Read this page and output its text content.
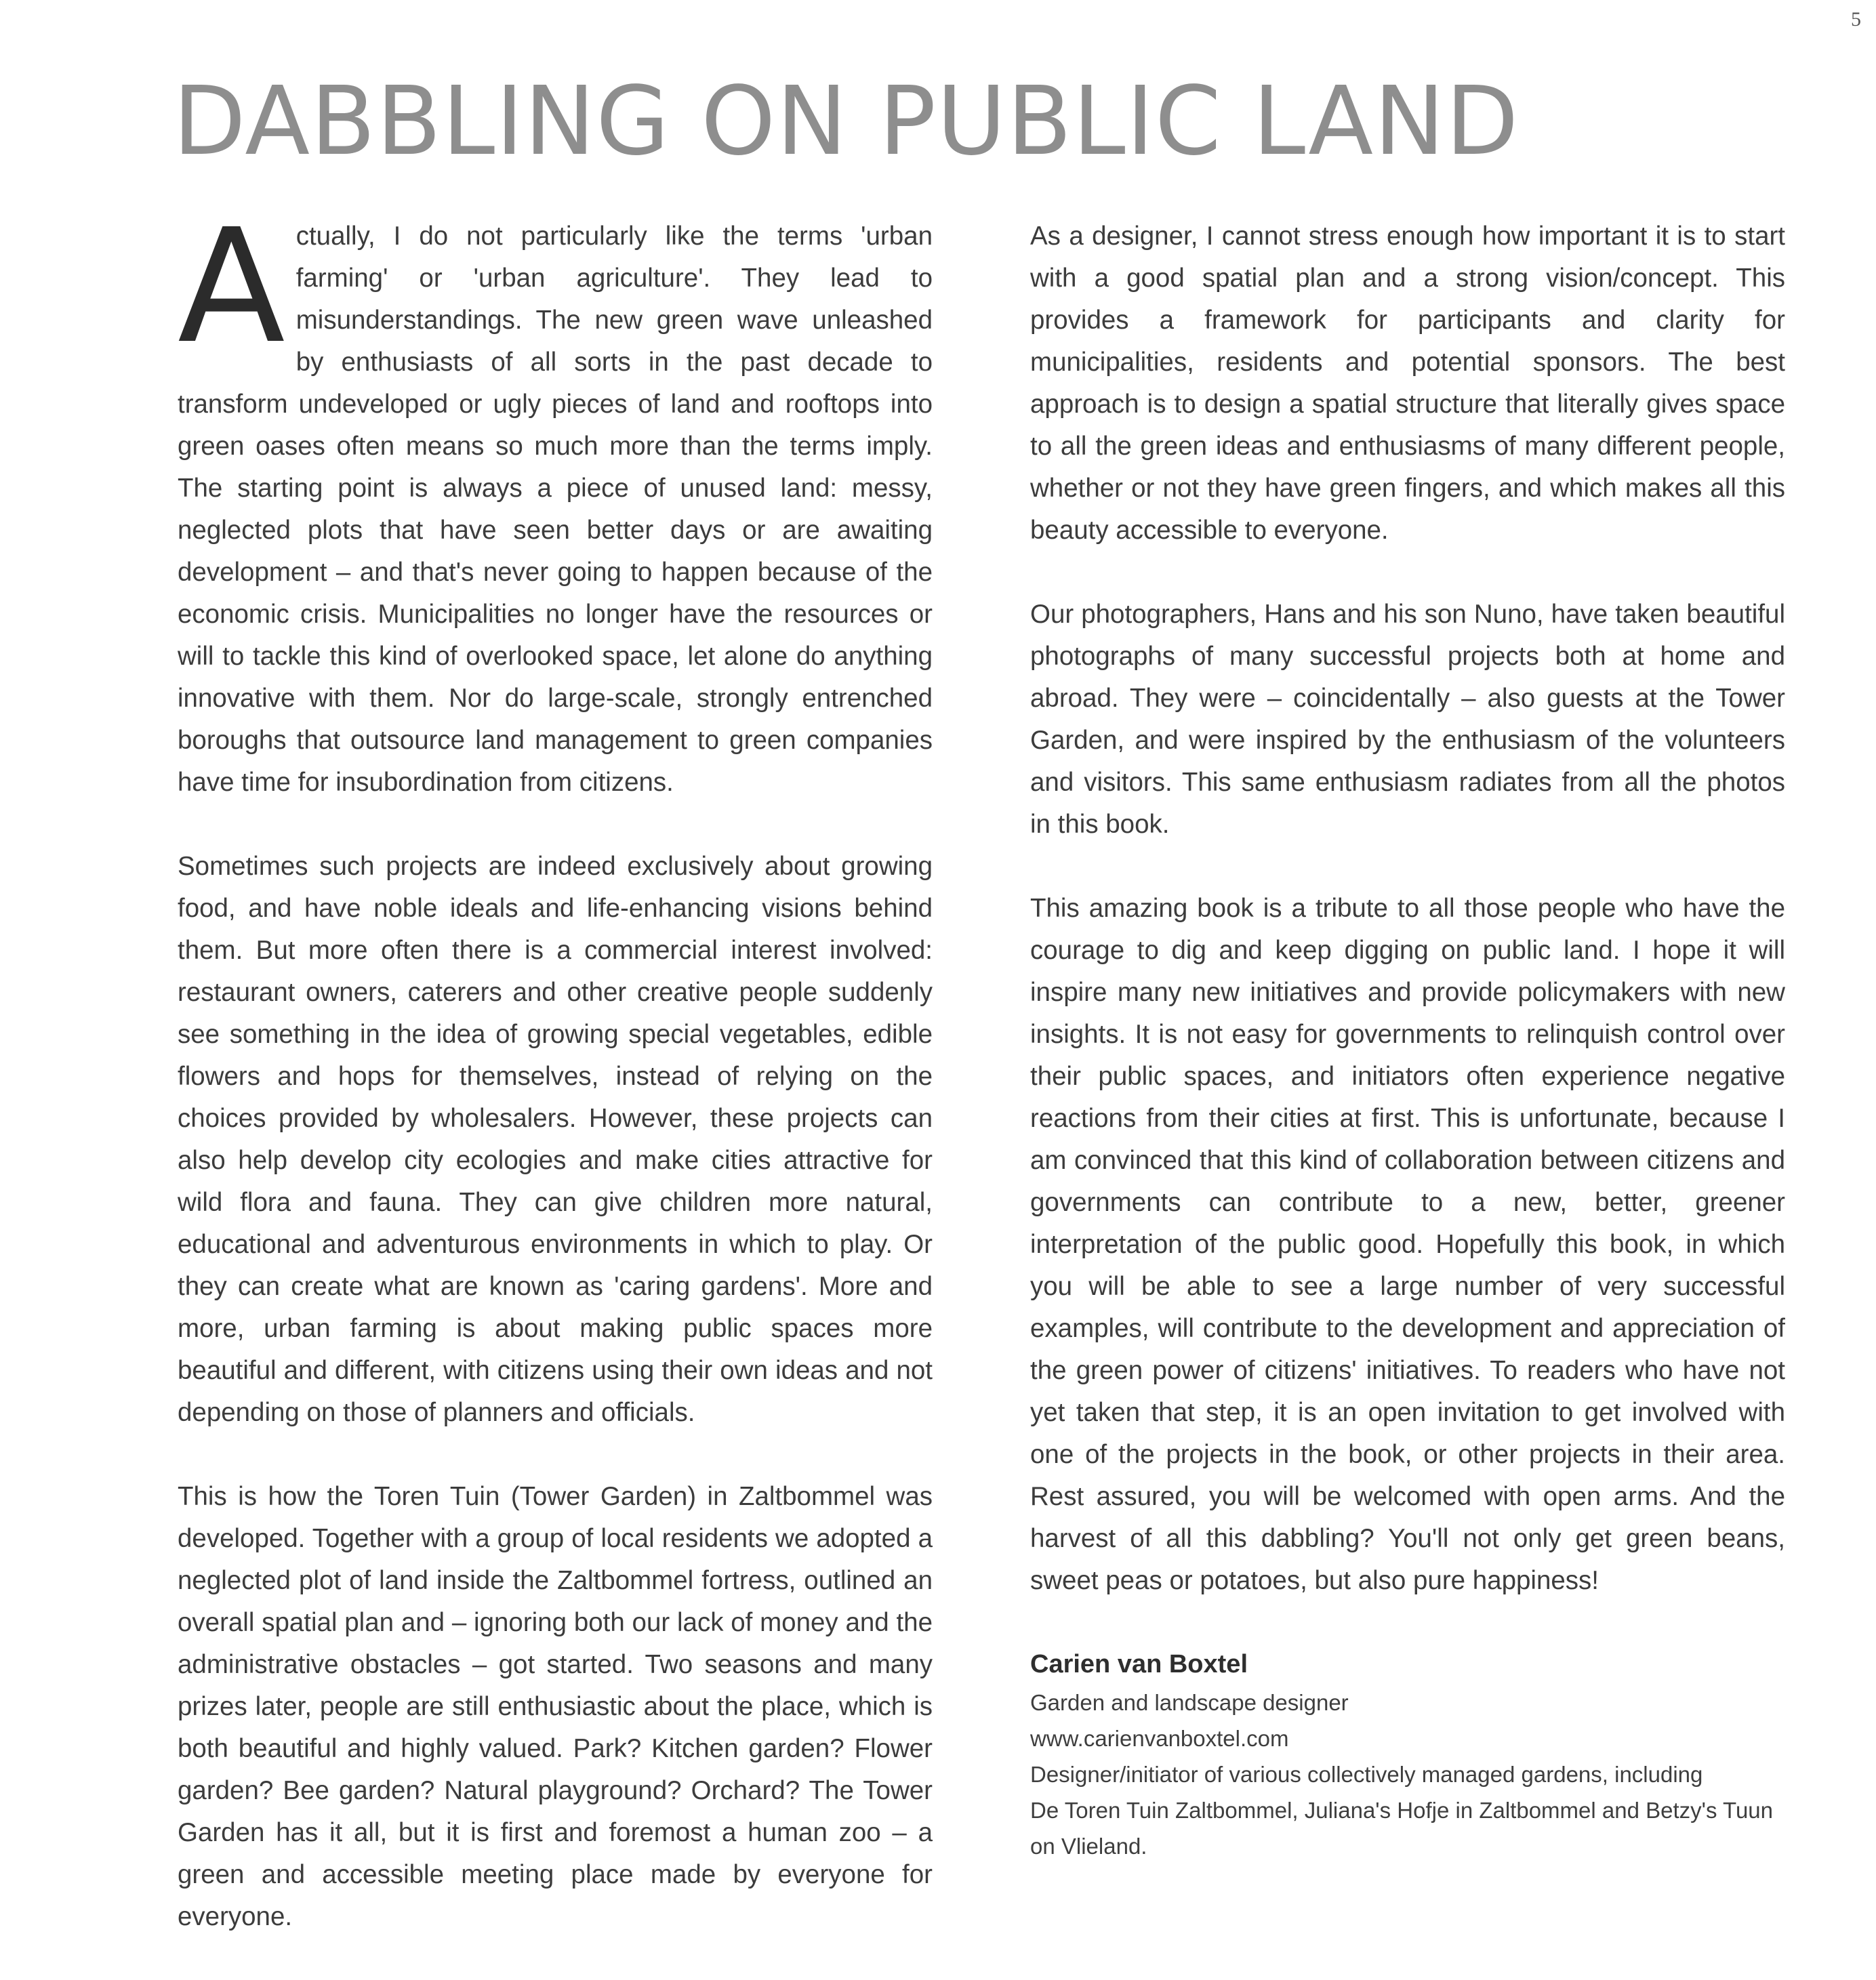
5
DABBLING ON PUBLIC LAND

Actually, I do not particularly like the terms 'urban farming' or 'urban agriculture'. They lead to misunderstandings. The new green wave unleashed by enthusiasts of all sorts in the past decade to transform undeveloped or ugly pieces of land and rooftops into green oases often means so much more than the terms imply. The starting point is always a piece of unused land: messy, neglected plots that have seen better days or are awaiting development – and that's never going to happen because of the economic crisis. Municipalities no longer have the resources or will to tackle this kind of overlooked space, let alone do anything innovative with them. Nor do large-scale, strongly entrenched boroughs that outsource land management to green companies have time for insubordination from citizens.

Sometimes such projects are indeed exclusively about growing food, and have noble ideals and life-enhancing visions behind them. But more often there is a commercial interest involved: restaurant owners, caterers and other creative people suddenly see something in the idea of growing special vegetables, edible flowers and hops for themselves, instead of relying on the choices provided by wholesalers. However, these projects can also help develop city ecologies and make cities attractive for wild flora and fauna. They can give children more natural, educational and adventurous environments in which to play. Or they can create what are known as 'caring gardens'. More and more, urban farming is about making public spaces more beautiful and different, with citizens using their own ideas and not depending on those of planners and officials.

This is how the Toren Tuin (Tower Garden) in Zaltbommel was developed. Together with a group of local residents we adopted a neglected plot of land inside the Zaltbommel fortress, outlined an overall spatial plan and – ignoring both our lack of money and the administrative obstacles – got started. Two seasons and many prizes later, people are still enthusiastic about the place, which is both beautiful and highly valued. Park? Kitchen garden? Flower garden? Bee garden? Natural playground? Orchard? The Tower Garden has it all, but it is first and foremost a human zoo – a green and accessible meeting place made by everyone for everyone.

As a designer, I cannot stress enough how important it is to start with a good spatial plan and a strong vision/concept. This provides a framework for participants and clarity for municipalities, residents and potential sponsors. The best approach is to design a spatial structure that literally gives space to all the green ideas and enthusiasms of many different people, whether or not they have green fingers, and which makes all this beauty accessible to everyone.

Our photographers, Hans and his son Nuno, have taken beautiful photographs of many successful projects both at home and abroad. They were – coincidentally – also guests at the Tower Garden, and were inspired by the enthusiasm of the volunteers and visitors. This same enthusiasm radiates from all the photos in this book.

This amazing book is a tribute to all those people who have the courage to dig and keep digging on public land. I hope it will inspire many new initiatives and provide policymakers with new insights. It is not easy for governments to relinquish control over their public spaces, and initiators often experience negative reactions from their cities at first. This is unfortunate, because I am convinced that this kind of collaboration between citizens and governments can contribute to a new, better, greener interpretation of the public good. Hopefully this book, in which you will be able to see a large number of very successful examples, will contribute to the development and appreciation of the green power of citizens' initiatives. To readers who have not yet taken that step, it is an open invitation to get involved with one of the projects in the book, or other projects in their area. Rest assured, you will be welcomed with open arms. And the harvest of all this dabbling? You'll not only get green beans, sweet peas or potatoes, but also pure happiness!

Carien van Boxtel
Garden and landscape designer
www.carienvanboxtel.com
Designer/initiator of various collectively managed gardens, including
De Toren Tuin Zaltbommel, Juliana's Hofje in Zaltbommel and Betzy's Tuun
on Vlieland.
